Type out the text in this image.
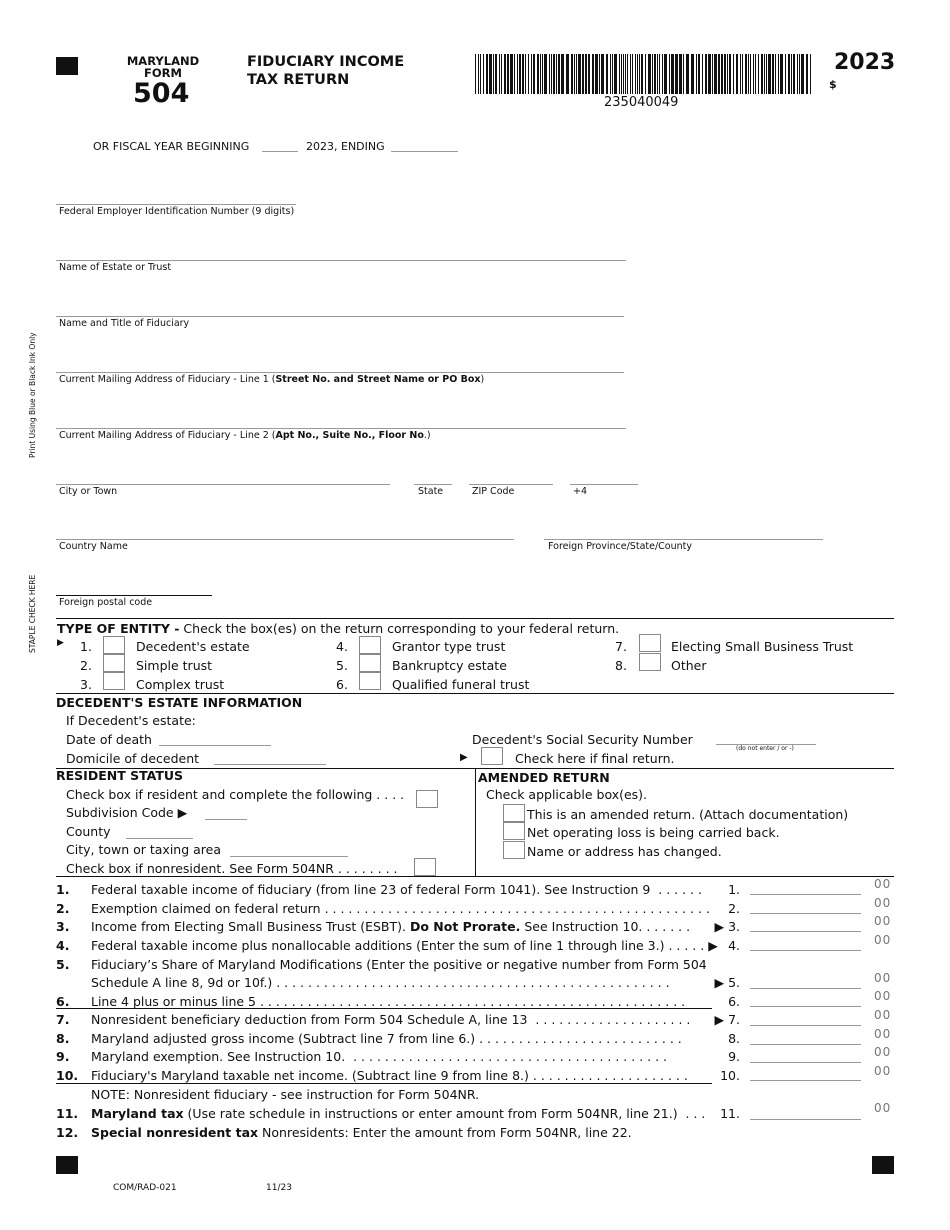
MARYLAND
FORM
504
FIDUCIARY INCOME
TAX RETURN
235040049
2023
$
OR FISCAL YEAR BEGINNING	2023, ENDING
Federal Employer Identification Number (9 digits)
Name of Estate or Trust
Name and Title of Fiduciary
Current Mailing Address of Fiduciary - Line 1 (Street No. and Street Name or PO Box)
Current Mailing Address of Fiduciary - Line 2 (Apt No., Suite No., Floor No.)
City or Town	State	ZIP Code	+4
Country Name	Foreign Province/State/County
Foreign postal code
Print Using Blue or Black Ink Only
STAPLE CHECK HERE TYPE OF ENTITY - Check the box(es) on the return corresponding to your federal return.
▶ 1.	Decedent's estate
2.	Simple trust
3.	Complex trust
4.	Grantor type trust
5.	Bankruptcy estate
6.	Qualified funeral trust
7.	Electing Small Business Trust
8.	Other
DECEDENT'S ESTATE INFORMATION
If Decedent's estate:
Date of death
Domicile of decedent
Decedent's Social Security Number
(do not enter / or -)
▶	Check here if final return.
RESIDENT STATUS
Check box if resident and complete the following . . . .
Subdivision Code ▶
County
City, town or taxing area
Check box if nonresident. See Form 504NR . . . . . . . .
AMENDED RETURN
Check applicable box(es).
This is an amended return. (Attach documentation)
Net operating loss is being carried back.
Name or address has changed.
1. Federal taxable income of fiduciary (from line 23 of federal Form 1041). See Instruction 9  . . . . . .	1.	00
2. Exemption claimed on federal return . . . . . . . . . . . . . . . . . . . . . . . . . . . . . . . . . . . . . . . . . . . . . . . . .	2.	00
3. Income from Electing Small Business Trust (ESBT). Do Not Prorate. See Instruction 10. . . . . . .	▶ 3.	00
4. Federal taxable income plus nonallocable additions (Enter the sum of line 1 through line 3.) . . . . . ▶ 4.	00
5. Fiduciary’s Share of Maryland Modifications (Enter the positive or negative number from Form 504
Schedule A line 8, 9d or 10f.) . . . . . . . . . . . . . . . . . . . . . . . . . . . . . . . . . . . . . . . . . . . . . . . . . .	▶ 5.	00
6. Line 4 plus or minus line 5 . . . . . . . . . . . . . . . . . . . . . . . . . . . . . . . . . . . . . . . . . . . . . . . . . . . . . .	6.	00
7. Nonresident beneficiary deduction from Form 504 Schedule A, line 13  . . . . . . . . . . . . . . . . . . . .	▶ 7.	00
8. Maryland adjusted gross income (Subtract line 7 from line 6.) . . . . . . . . . . . . . . . . . . . . . . . . . .	8.	00
9. Maryland exemption. See Instruction 10.  . . . . . . . . . . . . . . . . . . . . . . . . . . . . . . . . . . . . . . . .	9.	00
10. Fiduciary's Maryland taxable net income. (Subtract line 9 from line 8.) . . . . . . . . . . . . . . . . . . . .	10.	00
NOTE: Nonresident fiduciary - see instruction for Form 504NR.
11. Maryland tax (Use rate schedule in instructions or enter amount from Form 504NR, line 21.)  . . .	11.	00
12. Special nonresident tax Nonresidents: Enter the amount from Form 504NR, line 22.
COM/RAD-021	11/23
